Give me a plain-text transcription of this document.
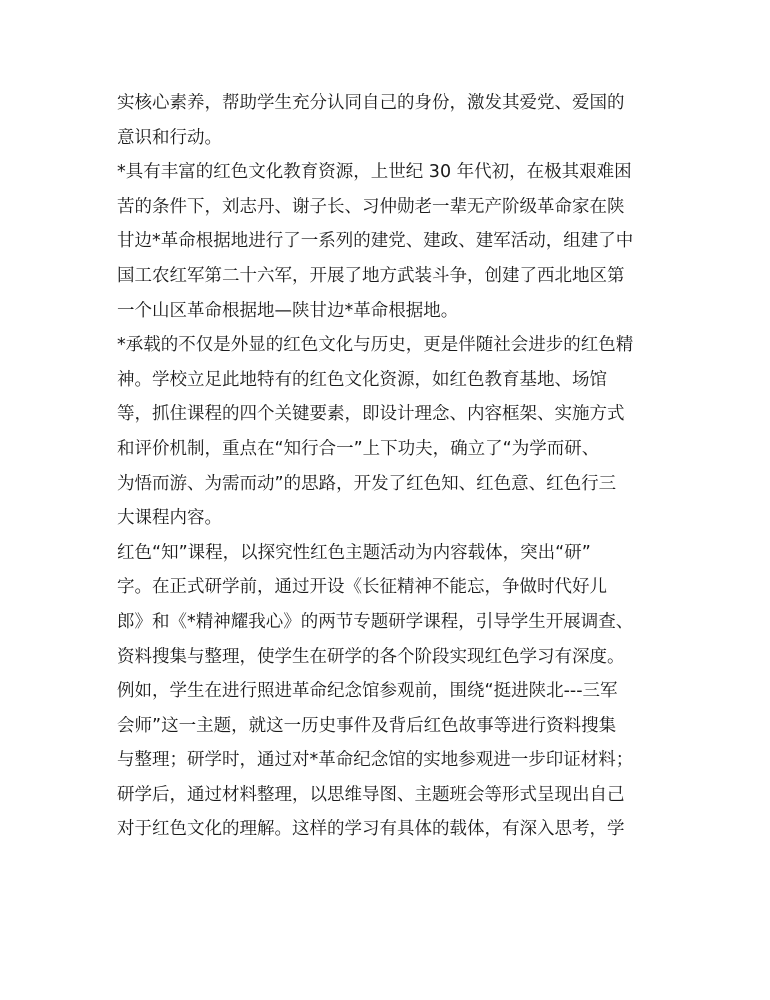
实核心素养，帮助学生充分认同自己的身份，激发其爱党、爱国的
意识和行动。
*具有丰富的红色文化教育资源，上世纪 30 年代初，在极其艰难困
苦的条件下，刘志丹、谢子长、习仲勋老一辈无产阶级革命家在陕
甘边*革命根据地进行了一系列的建党、建政、建军活动，组建了中
国工农红军第二十六军，开展了地方武装斗争，创建了西北地区第
一个山区革命根据地—陕甘边*革命根据地。
*承载的不仅是外显的红色文化与历史，更是伴随社会进步的红色精
神。学校立足此地特有的红色文化资源，如红色教育基地、场馆
等，抓住课程的四个关键要素，即设计理念、内容框架、实施方式
和评价机制，重点在“知行合一”上下功夫，确立了“为学而研、
为悟而游、为需而动”的思路，开发了红色知、红色意、红色行三
大课程内容。
红色“知”课程，以探究性红色主题活动为内容载体，突出“研”
字。在正式研学前，通过开设《长征精神不能忘，争做时代好儿
郎》和《*精神耀我心》的两节专题研学课程，引导学生开展调查、
资料搜集与整理，使学生在研学的各个阶段实现红色学习有深度。
例如，学生在进行照进革命纪念馆参观前，围绕“挺进陕北---三军
会师”这一主题，就这一历史事件及背后红色故事等进行资料搜集
与整理；研学时，通过对*革命纪念馆的实地参观进一步印证材料；
研学后，通过材料整理，以思维导图、主题班会等形式呈现出自己
对于红色文化的理解。这样的学习有具体的载体，有深入思考，学
